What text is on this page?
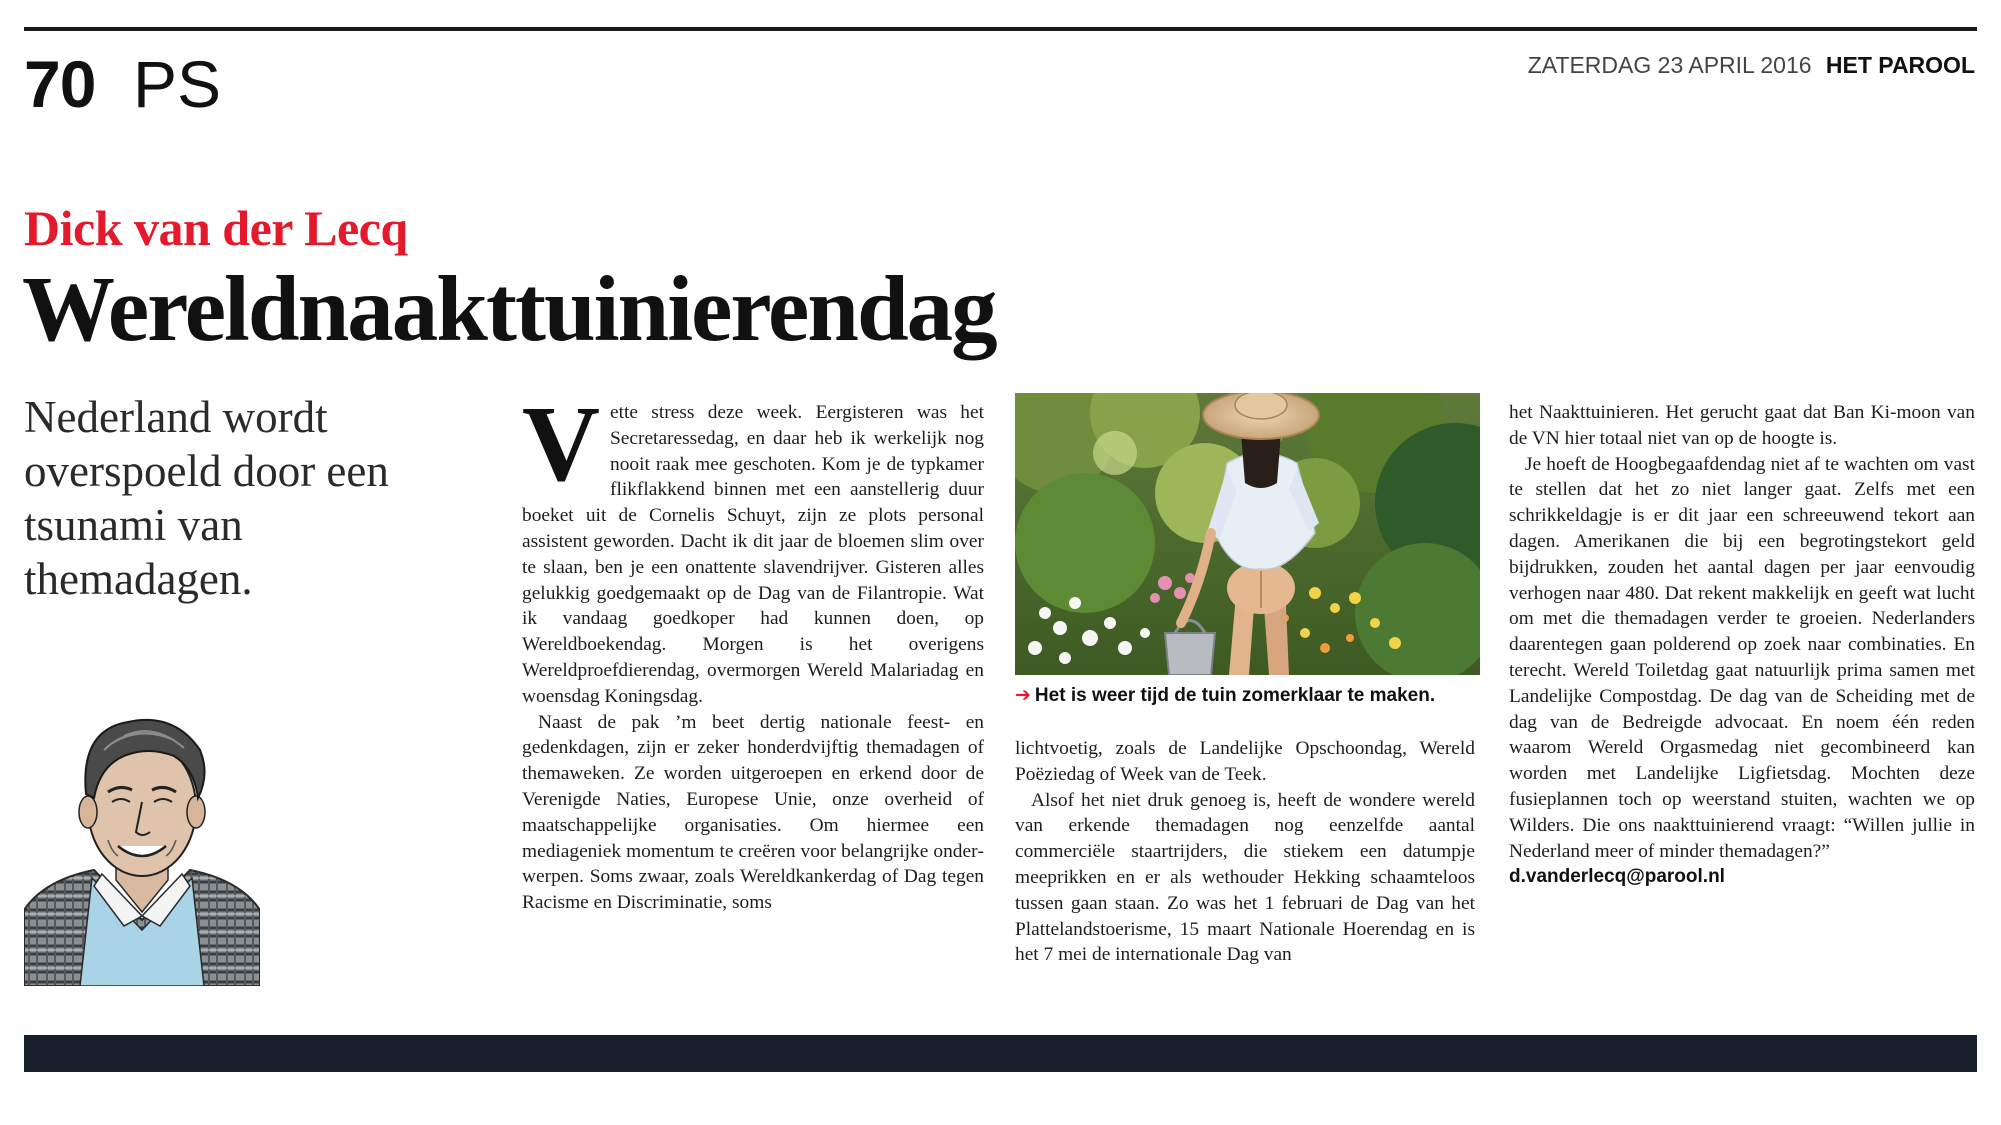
70 PS	ZATERDAG 23 APRIL 2016 HET PAROOL
Dick van der Lecq
Wereldnaakttuinierendag

Nederland wordt overspoeld door een tsunami van themadagen.

V ette stress deze week. Eergisteren was het Secretaressedag, en daar heb ik werkelijk nog nooit raak mee geschoten. Kom je de typkamer flikflakkend binnen met een aanstellerig duur boeket uit de Cornelis Schuyt, zijn ze plots personal assistent geworden. Dacht ik dit jaar de bloemen slim over te slaan, ben je een onattente slavendrijver. Gisteren alles gelukkig goedgemaakt op de Dag van de Filantropie. Wat ik vandaag goedkoper had kunnen doen, op Wereldboekendag. Morgen is het overigens Wereldproefdierendag, overmorgen Wereld Malariadag en woensdag Koningsdag.

Naast de pak ’m beet dertig nationale feest- en gedenkdagen, zijn er zeker honderdvijftig themadagen of themaweken. Ze worden uitgeroepen en erkend door de Verenigde Naties, Europese Unie, onze overheid of maatschappelijke organisaties. Om hiermee een mediageniek momentum te creëren voor belangrijke onderwerpen. Soms zwaar, zoals Wereldkankerdag of Dag tegen Racisme en Discriminatie, soms

➔ Het is weer tijd de tuin zomerklaar te maken.

lichtvoetig, zoals de Landelijke Opschoondag, Wereld Poëziedag of Week van de Teek.

Alsof het niet druk genoeg is, heeft de wondere wereld van erkende themadagen nog eenzelfde aantal commerciële staartrijders, die stiekem een datumpje meeprikken en er als wethouder Hekking schaamteloos tussen gaan staan. Zo was het 1 februari de Dag van het Plattelandstoerisme, 15 maart Nationale Hoerendag en is het 7 mei de internationale Dag van

het Naakttuinieren. Het gerucht gaat dat Ban Ki-moon van de VN hier totaal niet van op de hoogte is.

Je hoeft de Hoogbegaafdendag niet af te wachten om vast te stellen dat het zo niet langer gaat. Zelfs met een schrikkeldagje is er dit jaar een schreeuwend tekort aan dagen. Amerikanen die bij een begrotingstekort geld bijdrukken, zouden het aantal dagen per jaar eenvoudig verhogen naar 480. Dat rekent makkelijk en geeft wat lucht om met die themadagen verder te groeien. Nederlanders daarentegen gaan polderend op zoek naar combinaties. En terecht. Wereld Toiletdag gaat natuurlijk prima samen met Landelijke Compostdag. De dag van de Scheiding met de dag van de Bedreigde advocaat. En noem één reden waarom Wereld Orgasmedag niet gecombineerd kan worden met Landelijke Ligfietsdag. Mochten deze fusieplannen toch op weerstand stuiten, wachten we op Wilders. Die ons naakttuinierend vraagt: “Willen jullie in Nederland meer of minder themadagen?”

d.vanderlecq@parool.nl
